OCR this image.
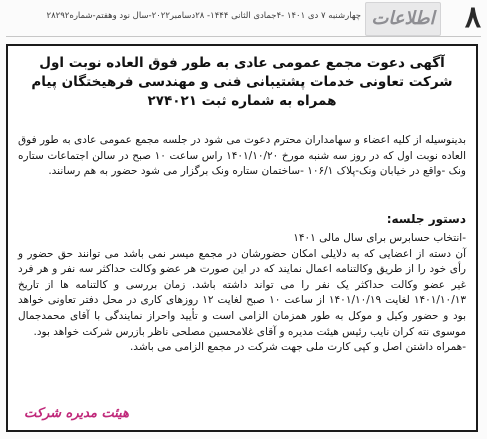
۸
اطلاعات
چهارشنبه ۷ دی ۱۴۰۱ -۴جمادی الثانی ۱۴۴۴- ۲۸دسامبر۲۰۲۲-سال نود وهفتم-شماره۲۸۲۹۲
آگهی دعوت مجمع عمومی عادی به طور فوق العاده نوبت اول
شرکت تعاونی خدمات پشتیبانی فنی و مهندسی فرهیختگان پیام
همراه به شماره ثبت ۲۷۴۰۲۱
بدینوسیله از کلیه اعضاء و سهامداران محترم دعوت می شود در جلسه مجمع عمومی عادی به طور فوق العاده نوبت اول که در روز سه شنبه مورخ ۱۴۰۱/۱۰/۲۰ راس ساعت ۱۰ صبح در سالن اجتماعات ستاره ونک -واقع در خیابان ونک-پلاک ۱۰۶/۱ -ساختمان ستاره ونک برگزار می شود حضور به هم رسانند.
دستور جلسه:

-انتخاب حسابرس برای سال مالی ۱۴۰۱

آن دسته از اعضایی که به دلایلی امکان حضورشان در مجمع میسر نمی باشد می توانند حق حضور و رأی خود را از طریق وکالتنامه اعمال نمایند که در این صورت هر عضو وکالت حداکثر سه نفر و هر فرد غیر عضو وکالت حداکثر یک نفر را می تواند داشته باشد. زمان بررسی و کالتنامه ها از تاریخ ۱۴۰۱/۱۰/۱۳ لغایت ۱۴۰۱/۱۰/۱۹ از ساعت ۱۰ صبح لغایت ۱۲ روزهای کاری در محل دفتر تعاونی خواهد بود و حضور وکیل و موکل به طور همزمان الزامی است و تأیید واحراز نمایندگی با آقای محمدجمال موسوی نته کران نایب رئیس هیئت مدیره و آقای غلامحسین مصلحی ناظر بازرس شرکت خواهد بود.

-همراه داشتن اصل و کپی کارت ملی جهت شرکت در مجمع الزامی می باشد.

هیئت مدیره شرکت
